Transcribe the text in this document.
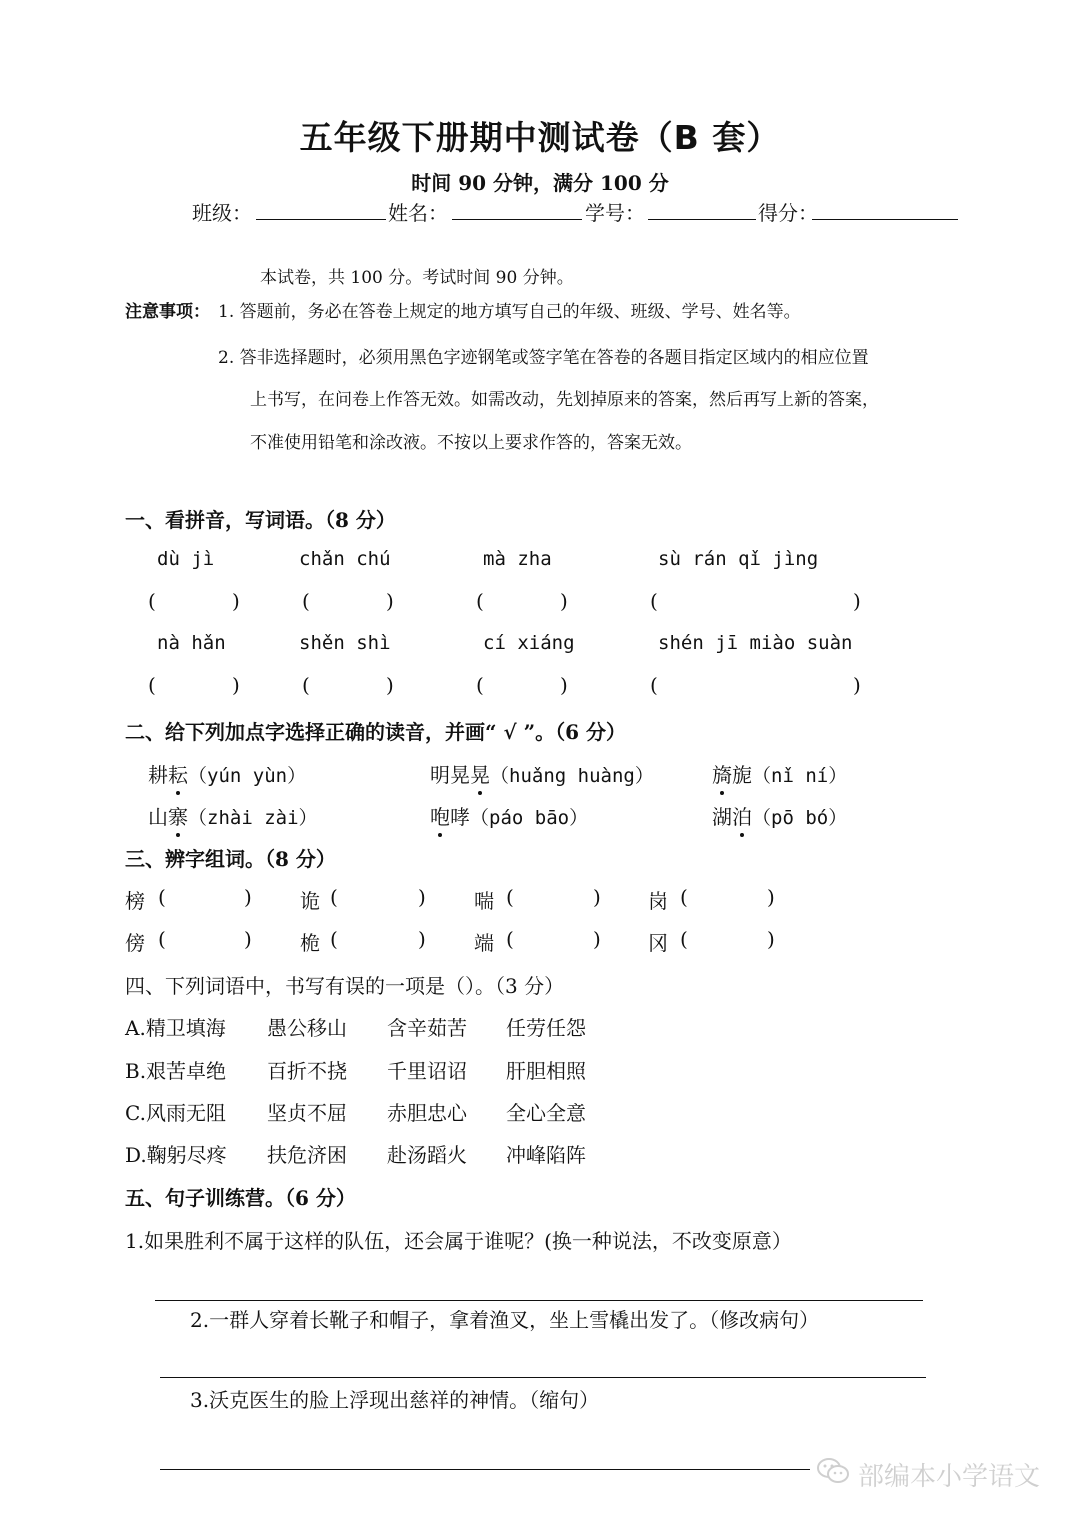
五年级下册期中测试卷（B 套）
时间 90 分钟，满分 100 分
班级：	姓名：	学号：	得分：
本试卷，共 100 分。考试时间 90 分钟。
注意事项： 1. 答题前，务必在答卷上规定的地方填写自己的年级、班级、学号、姓名等。
2. 答非选择题时，必须用黑色字迹钢笔或签字笔在答卷的各题目指定区域内的相应位置
上书写，在问卷上作答无效。如需改动，先划掉原来的答案，然后再写上新的答案，
不准使用铅笔和涂改液。不按以上要求作答的，答案无效。
一、看拼音，写词语。（8 分）
dù jì	chǎn chú	mà zha	sù rán qǐ jìng
(	)	(	)	(	)	(	)
nà hǎn	shěn shì	cí xiáng	shén jī miào suàn
(	)	(	)	(	)	(	)
二、给下列加点字选择正确的读音，并画“ √ ”。（6 分）
耕耘（yún yùn）	明晃晃（huǎng huàng）	旖旎（nǐ ní）
山寨（zhài zài）	咆哮（páo bāo）	湖泊（pō bó）
三、辨字组词。（8 分）
榜 (	) 诡 (	) 喘 (	) 岗 (	)
傍 (	) 桅 (	) 端 (	) 冈 (	)
四、下列词语中，书写有误的一项是（）。（3 分）
A.精卫填海 愚公移山 含辛茹苦 任劳任怨
B.艰苦卓绝 百折不挠 千里诏诏 肝胆相照
C.风雨无阻 坚贞不屈 赤胆忠心 全心全意
D.鞠躬尽疼 扶危济困 赴汤蹈火 冲峰陷阵
五、句子训练营。（6 分）
1.如果胜利不属于这样的队伍，还会属于谁呢？(换一种说法，不改变原意）
2.一群人穿着长靴子和帽子，拿着渔叉，坐上雪橇出发了。（修改病句）
3.沃克医生的脸上浮现出慈祥的神情。（缩句）
部编本小学语文
